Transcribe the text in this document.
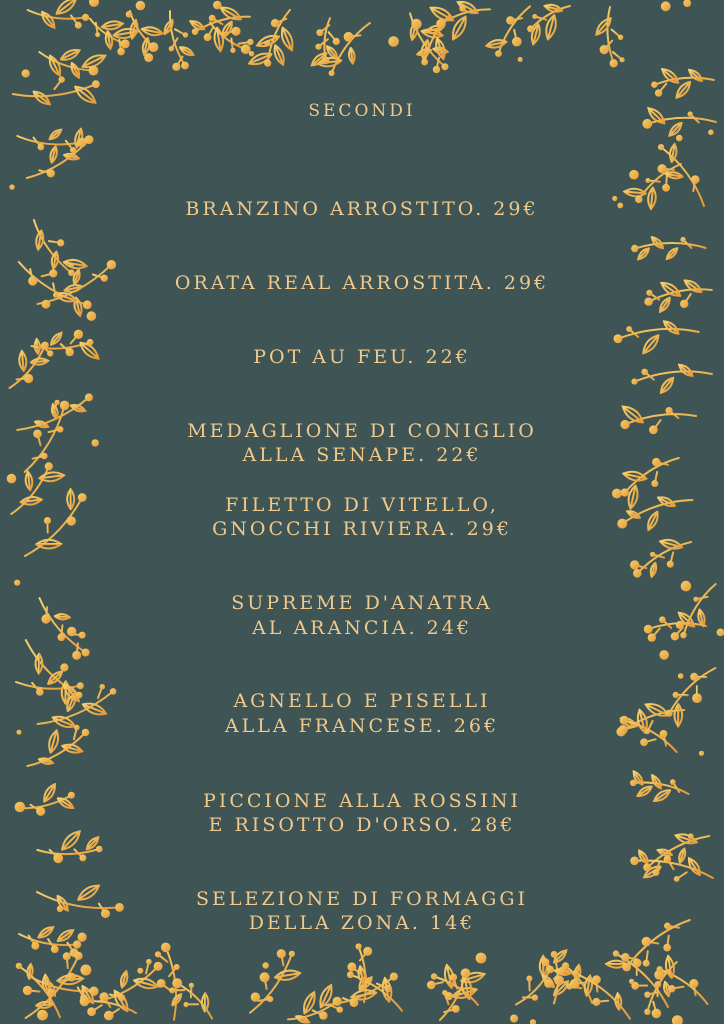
SECONDI
BRANZINO ARROSTITO. 29€
ORATA REAL ARROSTITA. 29€
POT AU FEU. 22€
MEDAGLIONE DI CONIGLIO
ALLA SENAPE. 22€
FILETTO DI VITELLO,
GNOCCHI RIVIERA. 29€
SUPREME D'ANATRA
AL ARANCIA. 24€
AGNELLO E PISELLI
ALLA FRANCESE. 26€
PICCIONE ALLA ROSSINI
E RISOTTO D'ORSO. 28€
SELEZIONE DI FORMAGGI
DELLA ZONA. 14€
